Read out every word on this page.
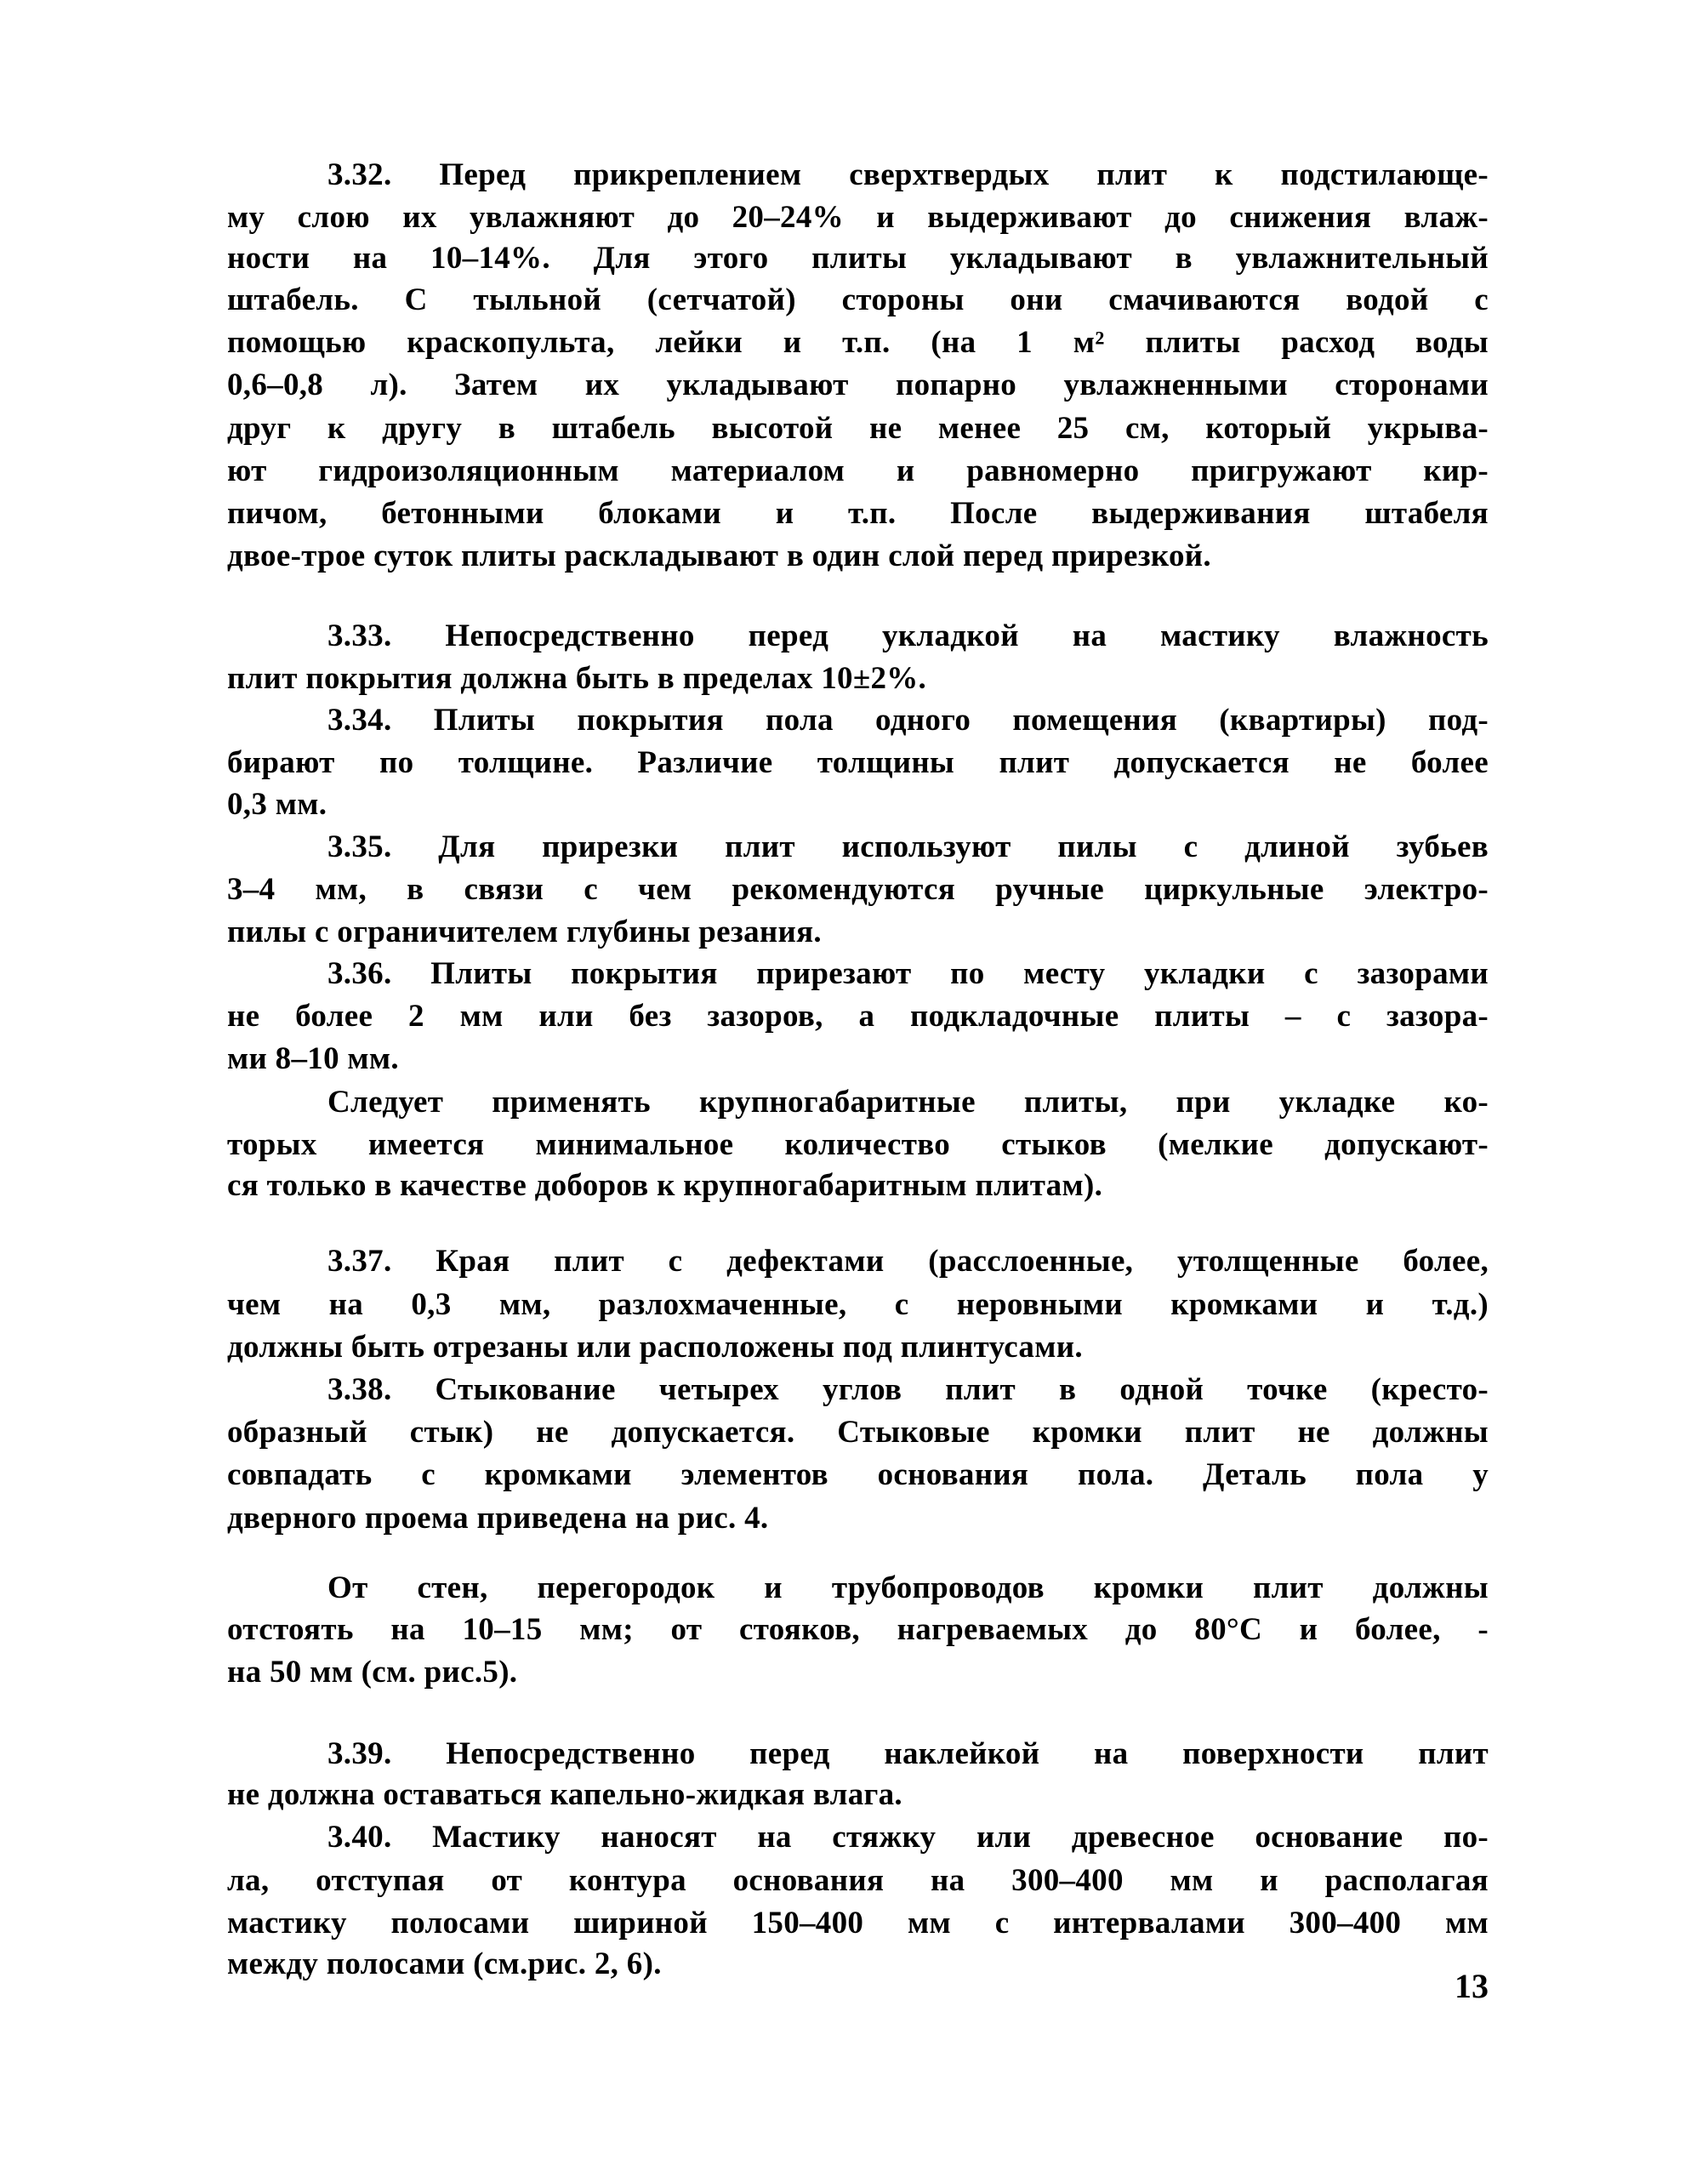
3.32. Перед прикреплением сверхтвердых плит к подстилающе-
му слою их увлажняют до 20–24% и выдерживают до снижения влаж-
ности на 10–14%. Для этого плиты укладывают в увлажнительный
штабель. С тыльной (сетчатой) стороны они смачиваются водой с
помощью краскопульта, лейки и т.п. (на 1 м² плиты расход воды
0,6–0,8 л). Затем их укладывают попарно увлажненными сторонами
друг к другу в штабель высотой не менее 25 см, который укрыва-
ют гидроизоляционным материалом и равномерно пригружают кир-
пичом, бетонными блоками и т.п. После выдерживания штабеля
двое-трое суток плиты раскладывают в один слой перед прирезкой.
3.33. Непосредственно перед укладкой на мастику влажность
плит покрытия должна быть в пределах 10±2%.
3.34. Плиты покрытия пола одного помещения (квартиры) под-
бирают по толщине. Различие толщины плит допускается не более
0,3 мм.
3.35. Для прирезки плит используют пилы с длиной зубьев
3–4 мм, в связи с чем рекомендуются ручные циркульные электро-
пилы с ограничителем глубины резания.
3.36. Плиты покрытия прирезают по месту укладки с зазорами
не более 2 мм или без зазоров, а подкладочные плиты – с зазора-
ми 8–10 мм.
Следует применять крупногабаритные плиты, при укладке ко-
торых имеется минимальное количество стыков (мелкие допускают-
ся только в качестве доборов к крупногабаритным плитам).
3.37. Края плит с дефектами (расслоенные, утолщенные более,
чем на 0,3 мм, разлохмаченные, с неровными кромками и т.д.)
должны быть отрезаны или расположены под плинтусами.
3.38. Стыкование четырех углов плит в одной точке (кресто-
образный стык) не допускается. Стыковые кромки плит не должны
совпадать с кромками элементов основания пола. Деталь пола у
дверного проема приведена на рис. 4.
От стен, перегородок и трубопроводов кромки плит должны
отстоять на 10–15 мм; от стояков, нагреваемых до 80°С и более, -
на 50 мм (см. рис.5).
3.39. Непосредственно перед наклейкой на поверхности плит
не должна оставаться капельно-жидкая влага.
3.40. Мастику наносят на стяжку или древесное основание по-
ла, отступая от контура основания на 300–400 мм и располагая
мастику полосами шириной 150–400 мм с интервалами 300–400 мм
между полосами (см.рис. 2, 6).
13
